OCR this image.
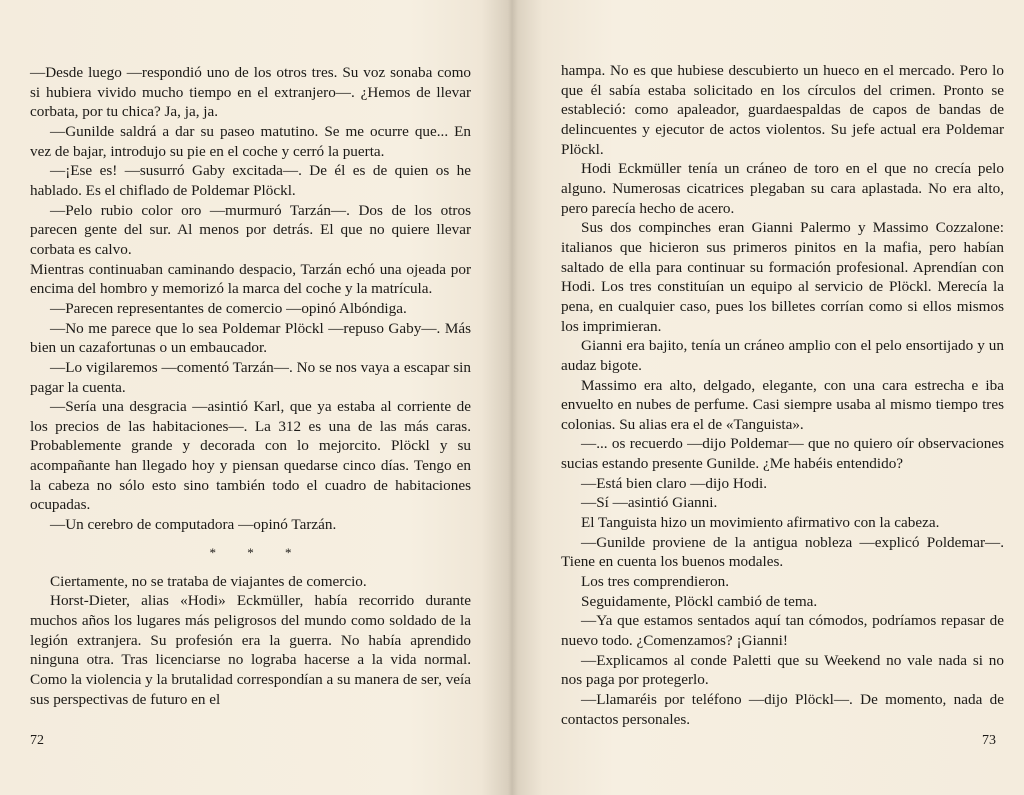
—Desde luego —respondió uno de los otros tres. Su voz sonaba como si hubiera vivido mucho tiempo en el extranjero—. ¿Hemos de llevar corbata, por tu chica? Ja, ja, ja.

—Gunilde saldrá a dar su paseo matutino. Se me ocurre que... En vez de bajar, introdujo su pie en el coche y cerró la puerta.

—¡Ese es! —susurró Gaby excitada—. De él es de quien os he hablado. Es el chiflado de Poldemar Plöckl.

—Pelo rubio color oro —murmuró Tarzán—. Dos de los otros parecen gente del sur. Al menos por detrás. El que no quiere llevar corbata es calvo.

Mientras continuaban caminando despacio, Tarzán echó una ojeada por encima del hombro y memorizó la marca del coche y la matrícula.

—Parecen representantes de comercio —opinó Albóndiga.

—No me parece que lo sea Poldemar Plöckl —repuso Gaby—. Más bien un cazafortunas o un embaucador.

—Lo vigilaremos —comentó Tarzán—. No se nos vaya a escapar sin pagar la cuenta.

—Sería una desgracia —asintió Karl, que ya estaba al corriente de los precios de las habitaciones—. La 312 es una de las más caras. Probablemente grande y decorada con lo mejorcito. Plöckl y su acompañante han llegado hoy y piensan quedarse cinco días. Tengo en la cabeza no sólo esto sino también todo el cuadro de habitaciones ocupadas.

—Un cerebro de computadora —opinó Tarzán.

* * *

Ciertamente, no se trataba de viajantes de comercio.

Horst-Dieter, alias «Hodi» Eckmüller, había recorrido durante muchos años los lugares más peligrosos del mundo como soldado de la legión extranjera. Su profesión era la guerra. No había aprendido ninguna otra. Tras licenciarse no lograba hacerse a la vida normal. Como la violencia y la brutalidad correspondían a su manera de ser, veía sus perspectivas de futuro en el

72

hampa. No es que hubiese descubierto un hueco en el mercado. Pero lo que él sabía estaba solicitado en los círculos del crimen. Pronto se estableció: como apaleador, guardaespaldas de capos de bandas de delincuentes y ejecutor de actos violentos. Su jefe actual era Poldemar Plöckl.

Hodi Eckmüller tenía un cráneo de toro en el que no crecía pelo alguno. Numerosas cicatrices plegaban su cara aplastada. No era alto, pero parecía hecho de acero.

Sus dos compinches eran Gianni Palermo y Massimo Cozzalone: italianos que hicieron sus primeros pinitos en la mafia, pero habían saltado de ella para continuar su formación profesional. Aprendían con Hodi. Los tres constituían un equipo al servicio de Plöckl. Merecía la pena, en cualquier caso, pues los billetes corrían como si ellos mismos los imprimieran.

Gianni era bajito, tenía un cráneo amplio con el pelo ensortijado y un audaz bigote.

Massimo era alto, delgado, elegante, con una cara estrecha e iba envuelto en nubes de perfume. Casi siempre usaba al mismo tiempo tres colonias. Su alias era el de «Tanguista».

—... os recuerdo —dijo Poldemar— que no quiero oír observaciones sucias estando presente Gunilde. ¿Me habéis entendido?

—Está bien claro —dijo Hodi.

—Sí —asintió Gianni.

El Tanguista hizo un movimiento afirmativo con la cabeza.

—Gunilde proviene de la antigua nobleza —explicó Poldemar—. Tiene en cuenta los buenos modales.

Los tres comprendieron.

Seguidamente, Plöckl cambió de tema.

—Ya que estamos sentados aquí tan cómodos, podríamos repasar de nuevo todo. ¿Comenzamos? ¡Gianni!

—Explicamos al conde Paletti que su Weekend no vale nada si no nos paga por protegerlo.

—Llamaréis por teléfono —dijo Plöckl—. De momento, nada de contactos personales.

73
